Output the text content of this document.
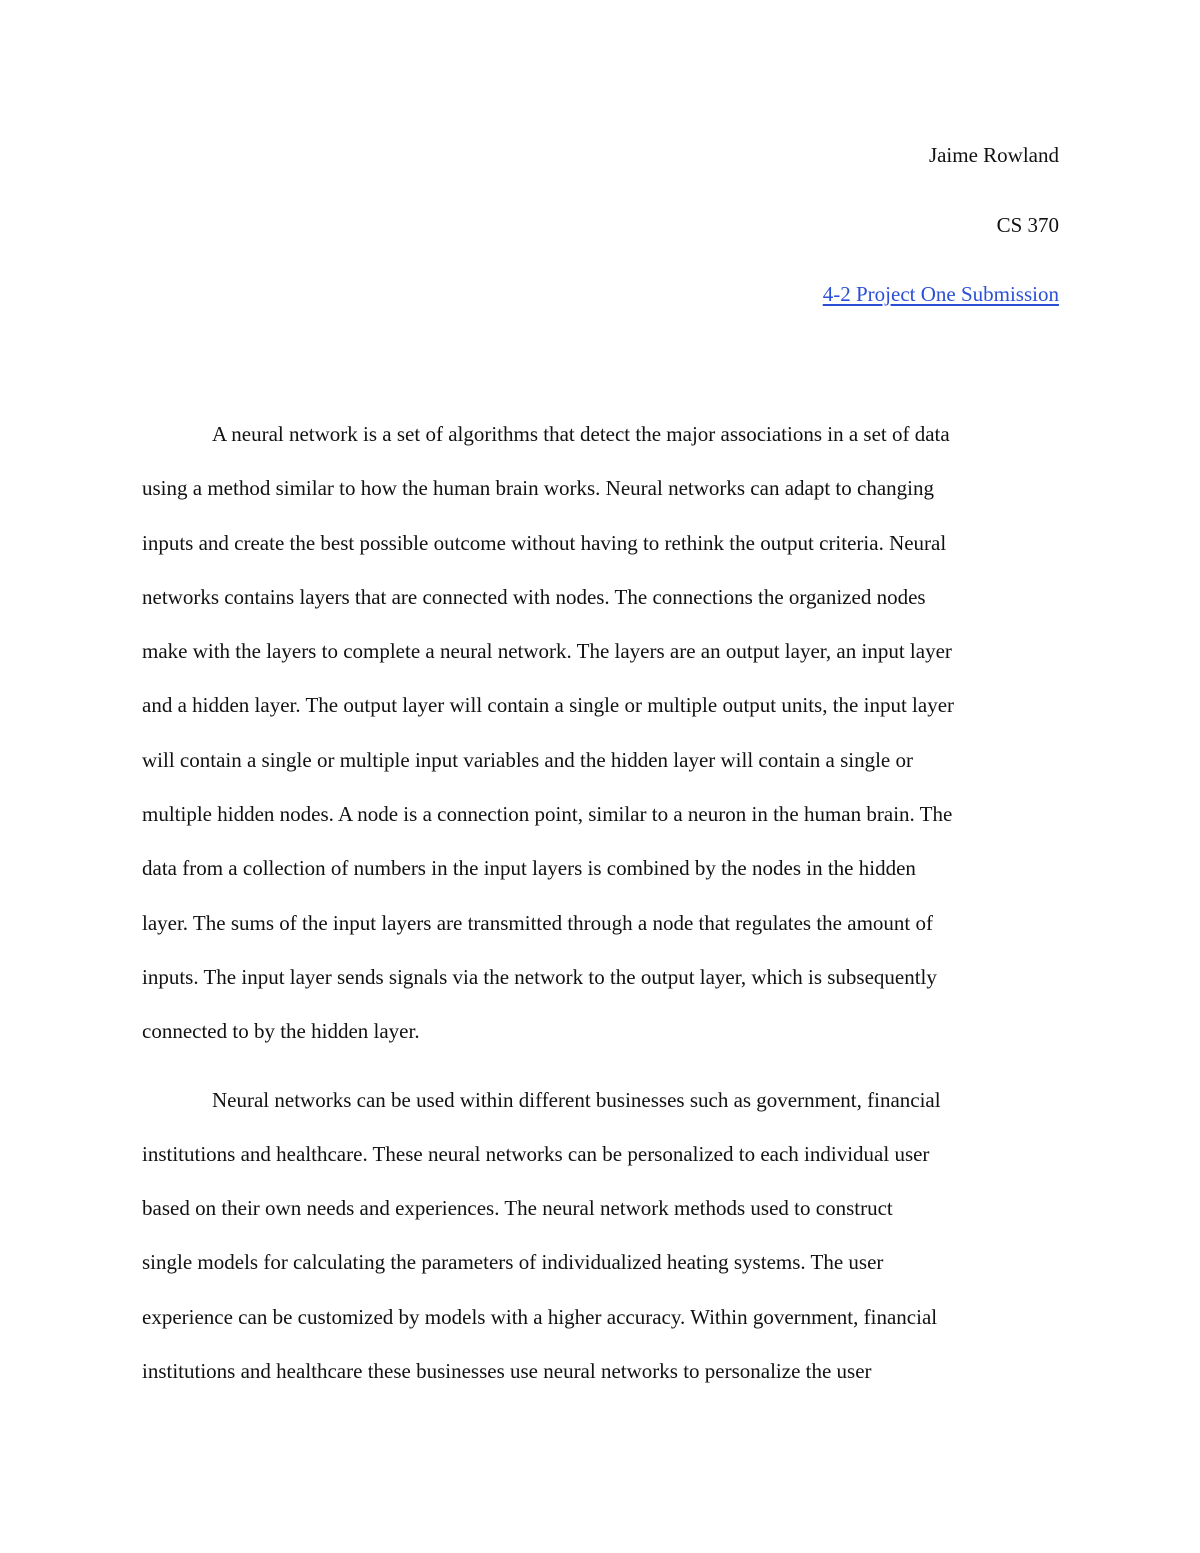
Jaime Rowland
CS 370
4-2 Project One Submission
A neural network is a set of algorithms that detect the major associations in a set of data
using a method similar to how the human brain works. Neural networks can adapt to changing
inputs and create the best possible outcome without having to rethink the output criteria. Neural
networks contains layers that are connected with nodes. The connections the organized nodes
make with the layers to complete a neural network. The layers are an output layer, an input layer
and a hidden layer. The output layer will contain a single or multiple output units, the input layer
will contain a single or multiple input variables and the hidden layer will contain a single or
multiple hidden nodes. A node is a connection point, similar to a neuron in the human brain. The
data from a collection of numbers in the input layers is combined by the nodes in the hidden
layer. The sums of the input layers are transmitted through a node that regulates the amount of
inputs. The input layer sends signals via the network to the output layer, which is subsequently
connected to by the hidden layer.
Neural networks can be used within different businesses such as government, financial
institutions and healthcare. These neural networks can be personalized to each individual user
based on their own needs and experiences. The neural network methods used to construct
single models for calculating the parameters of individualized heating systems. The user
experience can be customized by models with a higher accuracy. Within government, financial
institutions and healthcare these businesses use neural networks to personalize the user
